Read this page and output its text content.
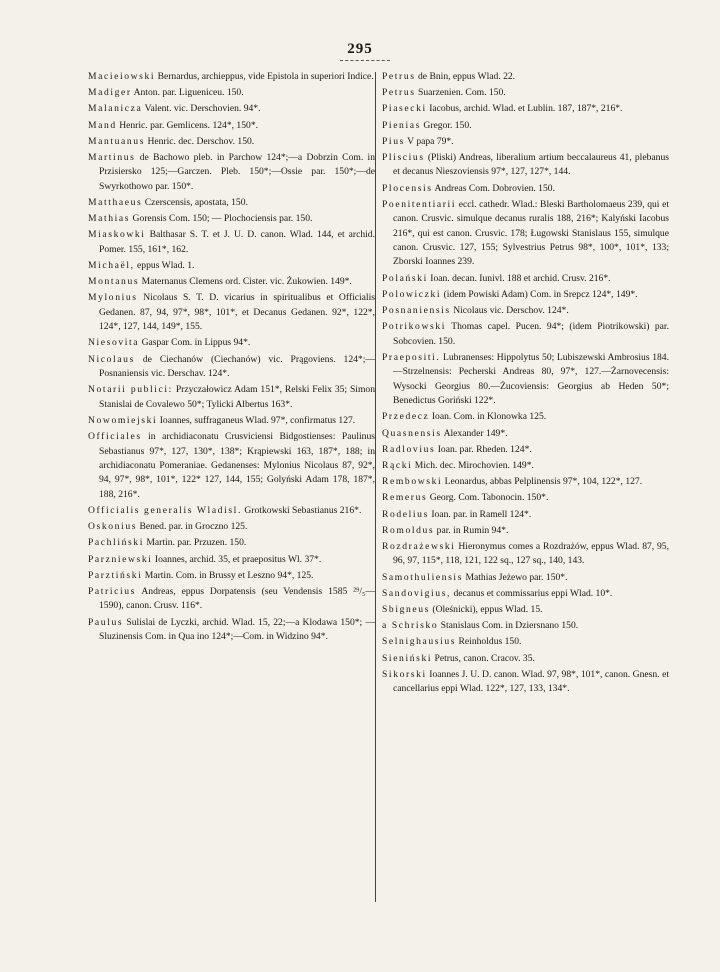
295
Macieiowski Bernardus, archieppus, vide Epistola in superiori Indice.
Madiger Anton. par. Ligueniceu. 150.
Malanicza Valent. vic. Derschovien. 94*.
Mand Henric. par. Gemlicens. 124*, 150*.
Mantuanus Henric. dec. Derschov. 150.
Martinus de Bachowo pleb. in Parchow 124*;—a Dobrzin Com. in Przisiersko 125;—Garczen. Pleb. 150*;—Ossie par. 150*;—de Swyrkothowo par. 150*.
Matthaeus Czerscensis, apostata, 150.
Mathias Gorensis Com. 150; — Plochociensis par. 150.
Miaskowki Balthasar S. T. et J. U. D. canon. Wlad. 144, et archid. Pomer. 155, 161*, 162.
Michaël, eppus Wlad. 1.
Montanus Maternanus Clemens ord. Cister. vic. Żukowien. 149*.
Mylonius Nicolaus S. T. D. vicarius in spiritualibus et Officialis Gedanen. 87, 94, 97*, 98*, 101*, et Decanus Gedanen. 92*, 122*, 124*, 127, 144, 149*, 155.
Niesovita Gaspar Com. in Lippus 94*.
Nicolaus de Ciechanów (Ciechanów) vic. Prągoviens. 124*;—Posnaniensis vic. Derschav. 124*.
Notarii publici: Przyczałowicz Adam 151*, Relski Felix 35; Simon Stanislai de Covalewo 50*; Tylicki Albertus 163*.
Nowomiejski Ioannes, suffraganeus Wlad. 97*, confirmatus 127.
Officiales in archidiaconatu Crusviciensi Bidgostienses: Paulinus Sebastianus 97*, 127, 130*, 138*; Krąpiewski 163, 187*, 188; in archidiaconatu Pomeraniae. Gedanenses: Mylonius Nicolaus 87, 92*, 94, 97*, 98*, 101*, 122* 127, 144, 155; Golyński Adam 178, 187*, 188, 216*.
Officialis generalis Wladisl. Grotkowski Sebastianus 216*.
Oskonius Bened. par. in Groczno 125.
Pachliński Martin. par. Przuzen. 150.
Parzniewski Ioannes, archid. 35, et praepositus Wl. 37*.
Parztiński Martin. Com. in Brussy et Leszno 94*, 125.
Patricius Andreas, eppus Dorpatensis (seu Vendensis 1585 ²⁹/₅—1590), canon. Crusv. 116*.
Paulus Sulislai de Lyczki, archid. Wlad. 15, 22;—a Klodawa 150*; — Sluzinensis Com. in Qua ino 124*;—Com. in Widzino 94*.
Petrus de Bnin, eppus Wlad. 22.
Petrus Suarzenien. Com. 150.
Piasecki Iacobus, archid. Wlad. et Lublin. 187, 187*, 216*.
Pienias Gregor. 150.
Pius V papa 79*.
Pliscius (Pliski) Andreas, liberalium artium beccalaureus 41, plebanus et decanus Nieszoviensis 97*, 127, 127*, 144.
Plocensis Andreas Com. Dobrovien. 150.
Poenitentiarii eccl. cathedr. Wlad.: Bleski Bartholomaeus 239, qui et canon. Crusvic. simulque decanus ruralis 188, 216*; Kalyński Iacobus 216*, qui est canon. Crusvic. 178; Ługowski Stanislaus 155, simulque canon. Crusvic. 127, 155; Sylvestrius Petrus 98*, 100*, 101*, 133; Zborski Ioannes 239.
Polański Ioan. decan. Iunivl. 188 et archid. Crusv. 216*.
Polowiczki (idem Powiski Adam) Com. in Srepcz 124*, 149*.
Posnaniensis Nicolaus vic. Derschov. 124*.
Potrikowski Thomas capel. Pucen. 94*; (idem Piotrikowski) par. Sobcovien. 150.
Praepositi. Lubranenses: Hippolytus 50; Lubiszewski Ambrosius 184.—Strzelnensis: Pecherski Andreas 80, 97*, 127.—Żarnovecensis: Wysocki Georgius 80.—Żucoviensis: Georgius ab Heden 50*; Benedictus Goriński 122*.
Przedecz Ioan. Com. in Klonowka 125.
Quasnensis Alexander 149*.
Radlovius Ioan. par. Rheden. 124*.
Rącki Mich. dec. Mirochovien. 149*.
Rembowski Leonardus, abbas Pelplinensis 97*, 104, 122*, 127.
Remerus Georg. Com. Tabonocin. 150*.
Rodelius Ioan. par. in Ramell 124*.
Romoldus par. in Rumin 94*.
Rozdrażewski Hieronymus comes a Rozdrażów, eppus Wlad. 87, 95, 96, 97, 115*, 118, 121, 122 sq., 127 sq., 140, 143.
Samothuliensis Mathias Jeżewo par. 150*.
Sandovigius, decanus et commissarius eppi Wlad. 10*.
Sbigneus (Oleśnicki), eppus Wlad. 15.
a Schrisko Stanislaus Com. in Dziersnano 150.
Selnighausius Reinholdus 150.
Sieniński Petrus, canon. Cracov. 35.
Sikorski Ioannes J. U. D. canon. Wlad. 97, 98*, 101*, canon. Gnesn. et cancellarius eppi Wlad. 122*, 127, 133, 134*.
